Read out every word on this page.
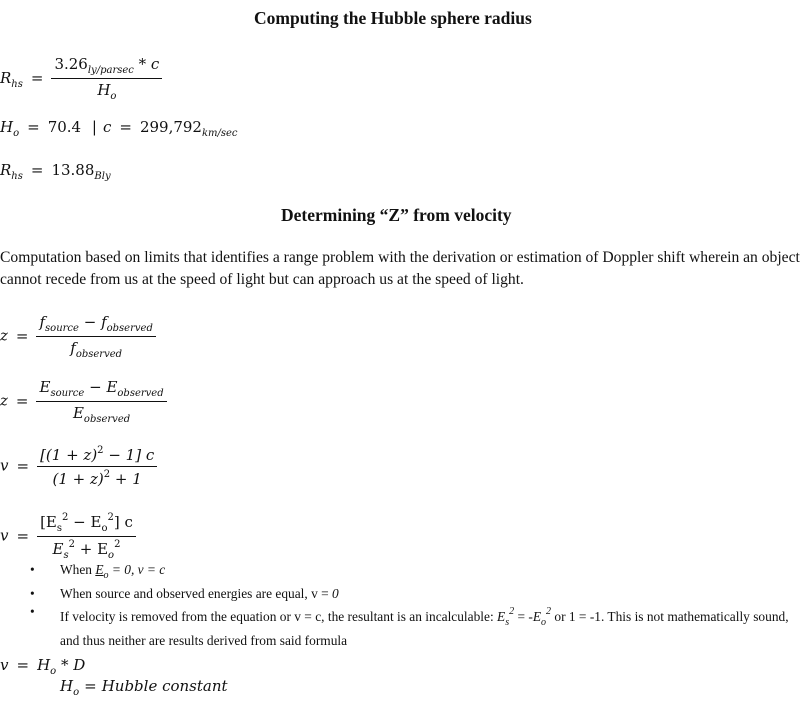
Computing the Hubble sphere radius
$R_{hs} = \frac{3.26_{ly/parsec} * c}{H_o}$
$H_o = 70.4$ | $c = 299,792_{km/sec}$
$R_{hs} = 13.88_{Bly}$
Determining “Z” from velocity
Computation based on limits that identifies a range problem with the derivation or estimation of Doppler shift wherein an object cannot recede from us at the speed of light but can approach us at the speed of light.
$z = \frac{f_{source} - f_{observed}}{f_{observed}}$
$z = \frac{E_{source} - E_{observed}}{E_{observed}}$
$v = \frac{[(1 + z)^2 - 1] c}{(1 + z)^2 + 1}$
$v = \frac{[E_s^2 - E_o^2] c}{E_s^2 + E_o^2}$
•	When $E_o = 0$, v = c
•	When source and observed energies are equal, v = 0
•	If velocity is removed from the equation or v = c, the resultant is an incalculable: $E_s^2 = -E_o^2$ or 1 = -1. This is not mathematically sound, and thus neither are results derived from said formula
$v = H_o * D$
$H_o$ = Hubble constant
